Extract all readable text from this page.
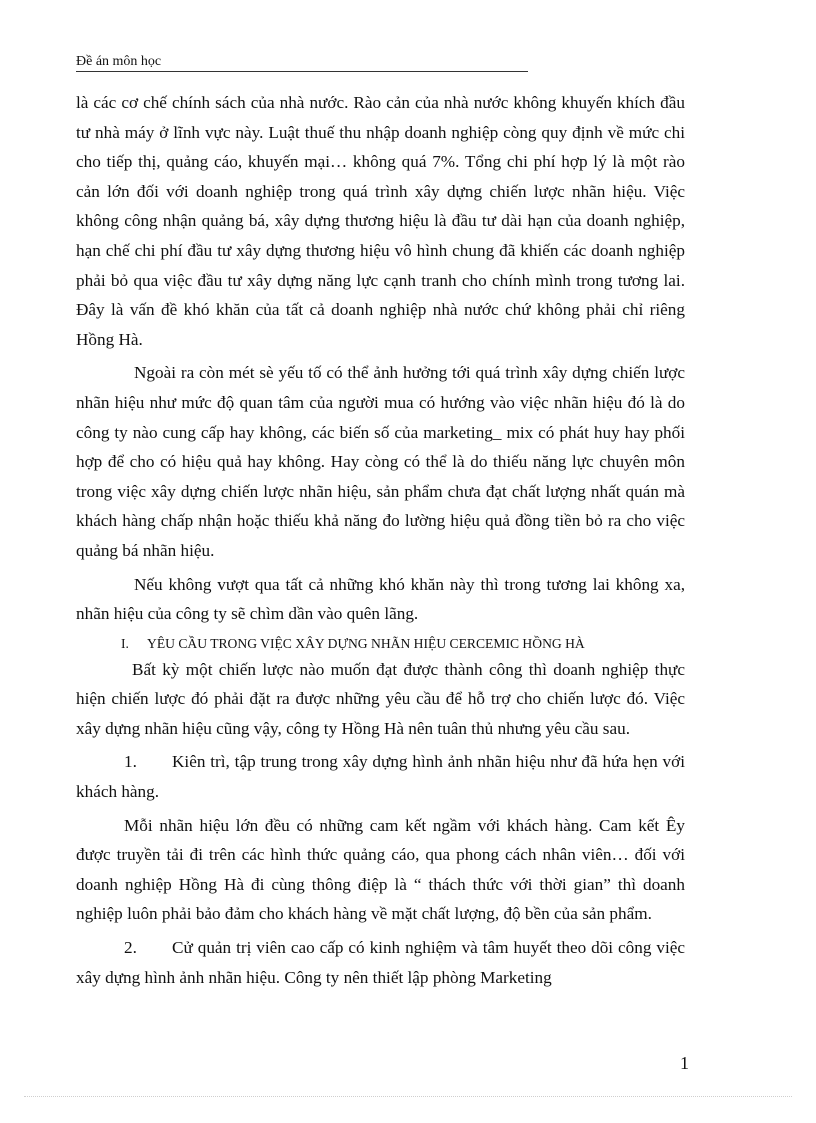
Đề án môn học

là các cơ chế chính sách của nhà nước. Rào cản của nhà nước không khuyến khích đầu tư nhà máy ở lĩnh vực này. Luật thuế thu nhập doanh nghiệp còng quy định về mức chi cho tiếp thị, quảng cáo, khuyến mại… không quá 7%. Tổng chi phí hợp lý là một rào cản lớn đối với doanh nghiệp trong quá trình xây dựng chiến lược nhãn hiệu. Việc không công nhận quảng bá, xây dựng thương hiệu là đầu tư dài hạn của doanh nghiệp, hạn chế chi phí đầu tư xây dựng thương hiệu vô hình chung đã khiến các doanh nghiệp phải bỏ qua việc đầu tư xây dựng năng lực cạnh tranh cho chính mình trong tương lai. Đây là vấn đề khó khăn của tất cả doanh nghiệp nhà nước chứ không phải chỉ riêng Hồng Hà.

Ngoài ra còn mét sè yếu tố có thể ảnh hưởng tới quá trình xây dựng chiến lược nhãn hiệu như mức độ quan tâm của người mua có hướng vào việc nhãn hiệu đó là do công ty nào cung cấp hay không, các biến số của marketing_ mix có phát huy hay phối hợp để cho có hiệu quả hay không. Hay còng có thể là do thiếu năng lực chuyên môn trong việc xây dựng chiến lược nhãn hiệu, sản phẩm chưa đạt chất lượng nhất quán mà khách hàng chấp nhận hoặc thiếu khả năng đo lường hiệu quả đồng tiền bỏ ra cho việc quảng bá nhãn hiệu.

Nếu không vượt qua tất cả những khó khăn này thì trong tương lai không xa, nhãn hiệu của công ty sẽ chìm dần vào quên lãng.

I. YÊU CẦU TRONG VIỆC XÂY DỰNG NHÃN HIỆU CERCEMIC HỒNG HÀ

Bất kỳ một chiến lược nào muốn đạt được thành công thì doanh nghiệp thực hiện chiến lược đó phải đặt ra được những yêu cầu để hỗ trợ cho chiến lược đó. Việc xây dựng nhãn hiệu cũng vậy, công ty Hồng Hà nên tuân thủ nhưng yêu cầu sau.

1. Kiên trì, tập trung trong xây dựng hình ảnh nhãn hiệu như đã hứa hẹn với khách hàng.

Mỗi nhãn hiệu lớn đều có những cam kết ngầm với khách hàng. Cam kết Êy được truyền tải đi trên các hình thức quảng cáo, qua phong cách nhân viên… đối với doanh nghiệp Hồng Hà đi cùng thông điệp là “ thách thức với thời gian” thì doanh nghiệp luôn phải bảo đảm cho khách hàng về mặt chất lượng, độ bền của sản phẩm.

2. Cử quản trị viên cao cấp có kinh nghiệm và tâm huyết theo dõi công việc xây dựng hình ảnh nhãn hiệu. Công ty nên thiết lập phòng Marketing

1
